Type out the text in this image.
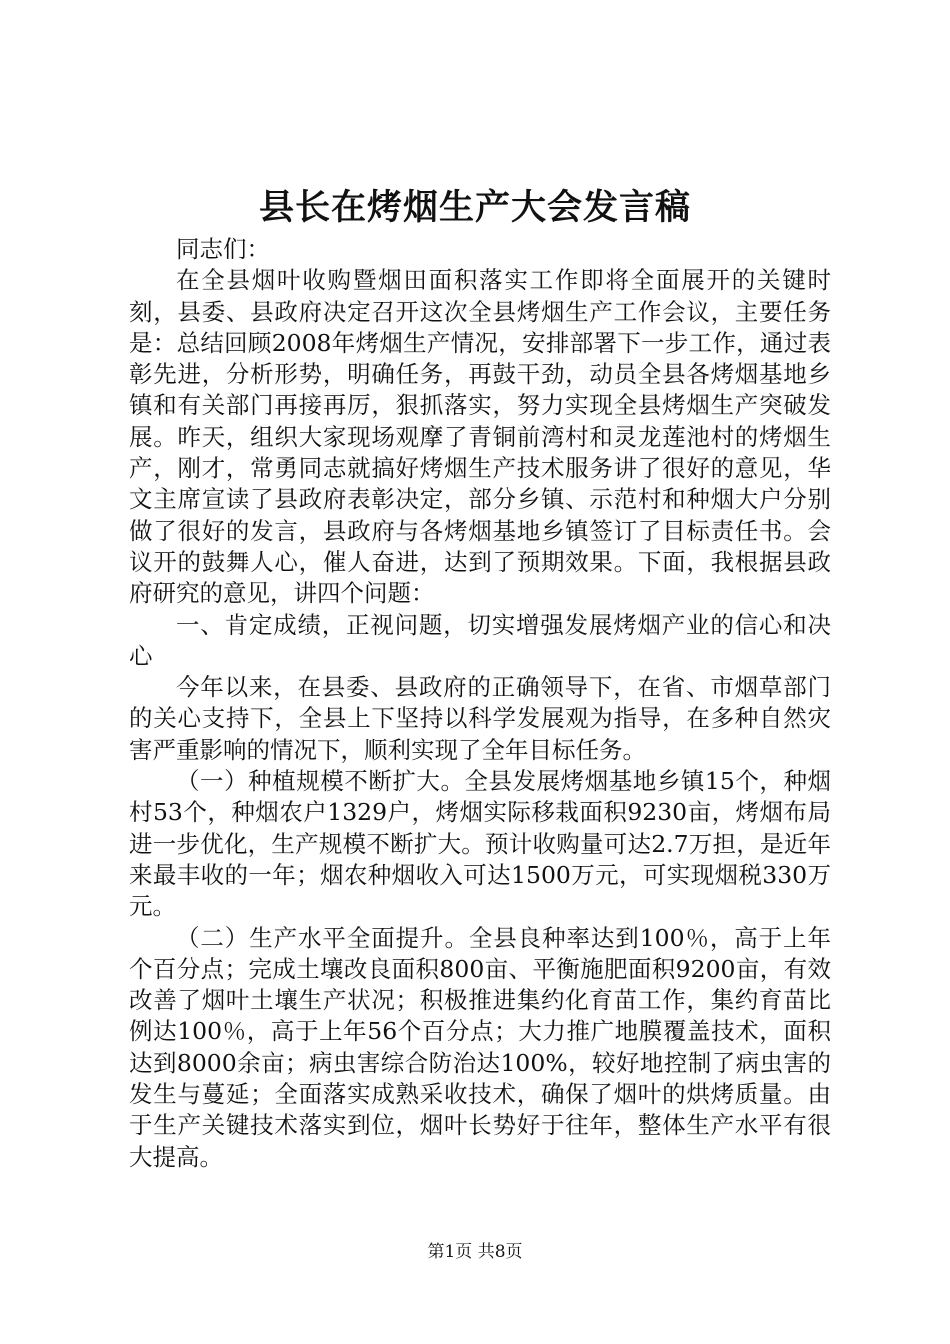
县长在烤烟生产大会发言稿

同志们：

在全县烟叶收购暨烟田面积落实工作即将全面展开的关键时刻，县委、县政府决定召开这次全县烤烟生产工作会议，主要任务是：总结回顾2008年烤烟生产情况，安排部署下一步工作，通过表彰先进，分析形势，明确任务，再鼓干劲，动员全县各烤烟基地乡镇和有关部门再接再厉，狠抓落实，努力实现全县烤烟生产突破发展。昨天，组织大家现场观摩了青铜前湾村和灵龙莲池村的烤烟生产，刚才，常勇同志就搞好烤烟生产技术服务讲了很好的意见，华文主席宣读了县政府表彰决定，部分乡镇、示范村和种烟大户分别做了很好的发言，县政府与各烤烟基地乡镇签订了目标责任书。会议开的鼓舞人心，催人奋进，达到了预期效果。下面，我根据县政府研究的意见，讲四个问题：

一、肯定成绩，正视问题，切实增强发展烤烟产业的信心和决心

今年以来，在县委、县政府的正确领导下，在省、市烟草部门的关心支持下，全县上下坚持以科学发展观为指导，在多种自然灾害严重影响的情况下，顺利实现了全年目标任务。

（一）种植规模不断扩大。全县发展烤烟基地乡镇15个，种烟村53个，种烟农户1329户，烤烟实际移栽面积9230亩，烤烟布局进一步优化，生产规模不断扩大。预计收购量可达2.7万担，是近年来最丰收的一年；烟农种烟收入可达1500万元，可实现烟税330万元。

（二）生产水平全面提升。全县良种率达到100％，高于上年个百分点；完成土壤改良面积800亩、平衡施肥面积9200亩，有效改善了烟叶土壤生产状况；积极推进集约化育苗工作，集约育苗比例达100％，高于上年56个百分点；大力推广地膜覆盖技术，面积达到8000余亩；病虫害综合防治达100%，较好地控制了病虫害的发生与蔓延；全面落实成熟采收技术，确保了烟叶的烘烤质量。由于生产关键技术落实到位，烟叶长势好于往年，整体生产水平有很大提高。

第1页 共8页
